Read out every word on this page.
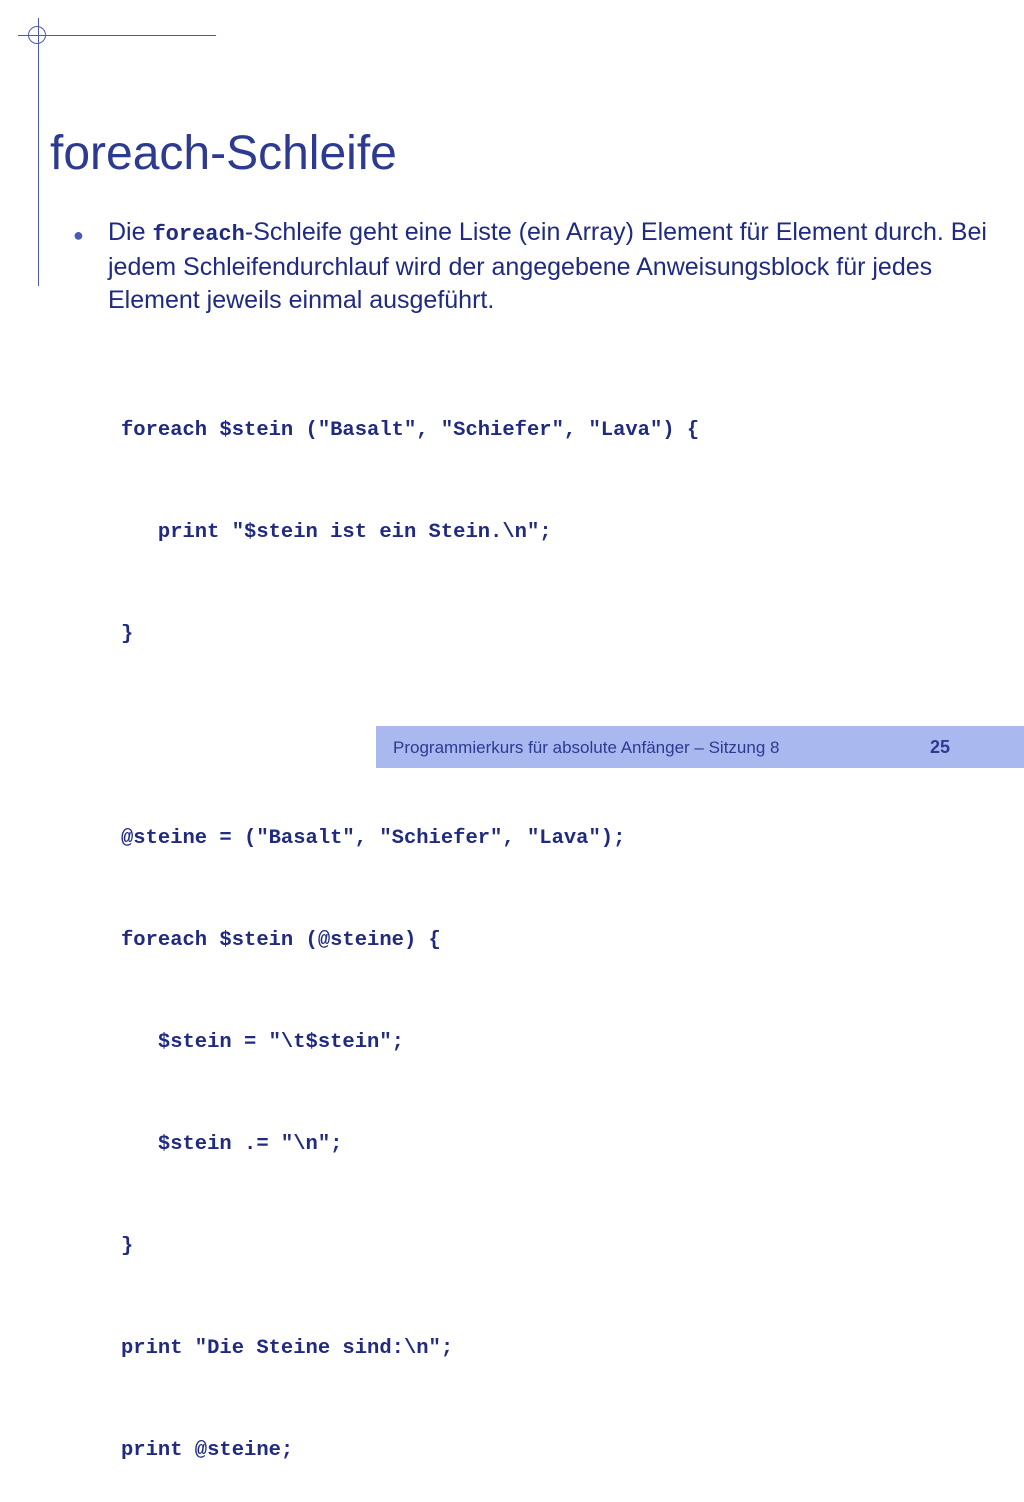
foreach-Schleife
● Die foreach-Schleife geht eine Liste (ein Array) Element für Element durch. Bei jedem Schleifendurchlauf wird der angegebene Anweisungsblock für jedes Element jeweils einmal ausgeführt.

foreach $stein ("Basalt", "Schiefer", "Lava") {

print "$stein ist ein Stein.\n";

}

@steine = ("Basalt", "Schiefer", "Lava");

foreach $stein (@steine) {

$stein = "\t$stein";

$stein .= "\n";

}

print "Die Steine sind:\n";

print @steine;

Programmierkurs für absolute Anfänger – Sitzung 8	25
